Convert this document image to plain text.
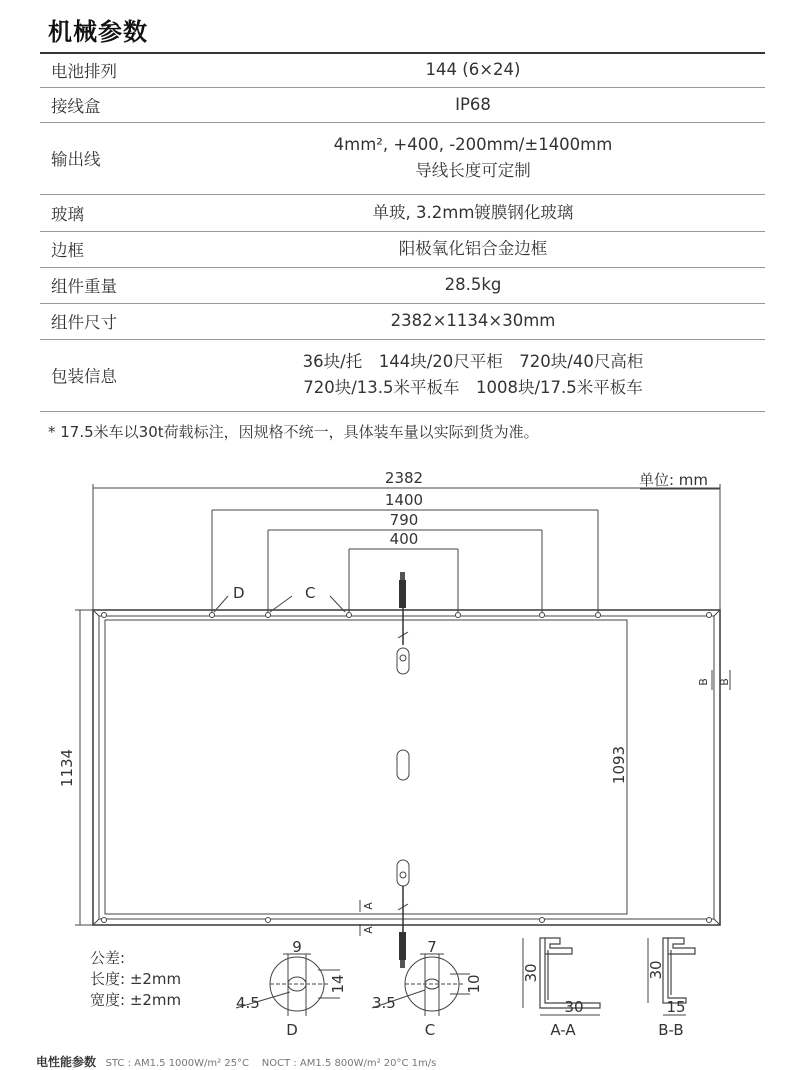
机械参数
电池排列	144 (6×24)
接线盒	IP68
输出线	4mm², +400, -200mm/±1400mm
导线长度可定制

玻璃	单玻, 3.2mm镀膜钢化玻璃
边框	阳极氧化铝合金边框
组件重量	28.5kg
组件尺寸	2382×1134×30mm
包装信息	36块/托　144块/20尺平柜　720块/40尺高柜
720块/13.5米平板车　1008块/17.5米平板车
* 17.5米车以30t荷载标注，因规格不统一，具体装车量以实际到货为准。
2382
1400
790
400
单位: mm
D	C
1134	1093
B B
A
A
9
14
4.5
D
7
10
3.5
C
30
30
A-A
30
15
B-B
公差:
长度: ±2mm
宽度: ±2mm
电性能参数 STC : AM1.5 1000W/m² 25°C NOCT : AM1.5 800W/m² 20°C 1m/s
